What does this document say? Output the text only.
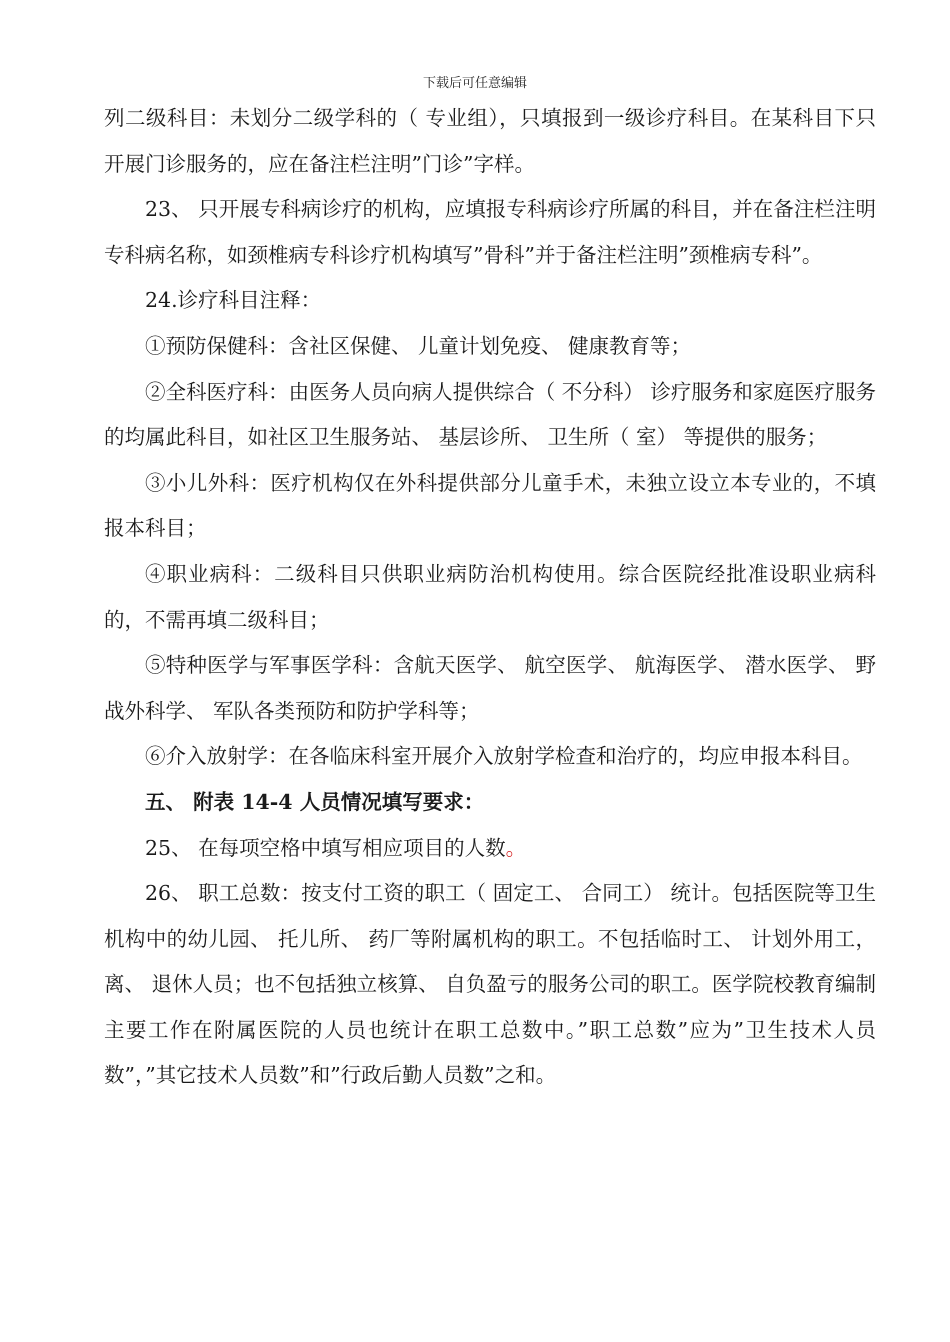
下载后可任意编辑

列二级科目：未划分二级学科的（ 专业组），只填报到一级诊疗科目。在某科目下只开展门诊服务的，应在备注栏注明”门诊”字样。

23、 只开展专科病诊疗的机构，应填报专科病诊疗所属的科目，并在备注栏注明专科病名称，如颈椎病专科诊疗机构填写”骨科”并于备注栏注明”颈椎病专科”。

24.诊疗科目注释：

①预防保健科：含社区保健、 儿童计划免疫、 健康教育等；

②全科医疗科：由医务人员向病人提供综合（ 不分科） 诊疗服务和家庭医疗服务的均属此科目，如社区卫生服务站、 基层诊所、 卫生所（ 室） 等提供的服务；

③小儿外科：医疗机构仅在外科提供部分儿童手术，未独立设立本专业的，不填报本科目；

④职业病科：二级科目只供职业病防治机构使用。综合医院经批准设职业病科的，不需再填二级科目；

⑤特种医学与军事医学科：含航天医学、 航空医学、 航海医学、 潜水医学、 野战外科学、 军队各类预防和防护学科等；

⑥介入放射学：在各临床科室开展介入放射学检查和治疗的，均应申报本科目。

五、 附表 14-4 人员情况填写要求：

25、 在每项空格中填写相应项目的人数。

26、 职工总数：按支付工资的职工（ 固定工、 合同工） 统计。包括医院等卫生机构中的幼儿园、 托儿所、 药厂等附属机构的职工。不包括临时工、 计划外用工，离、 退休人员；也不包括独立核算、 自负盈亏的服务公司的职工。医学院校教育编制主要工作在附属医院的人员也统计在职工总数中。”职工总数”应为”卫生技术人员数”，”其它技术人员数”和”行政后勤人员数”之和。
